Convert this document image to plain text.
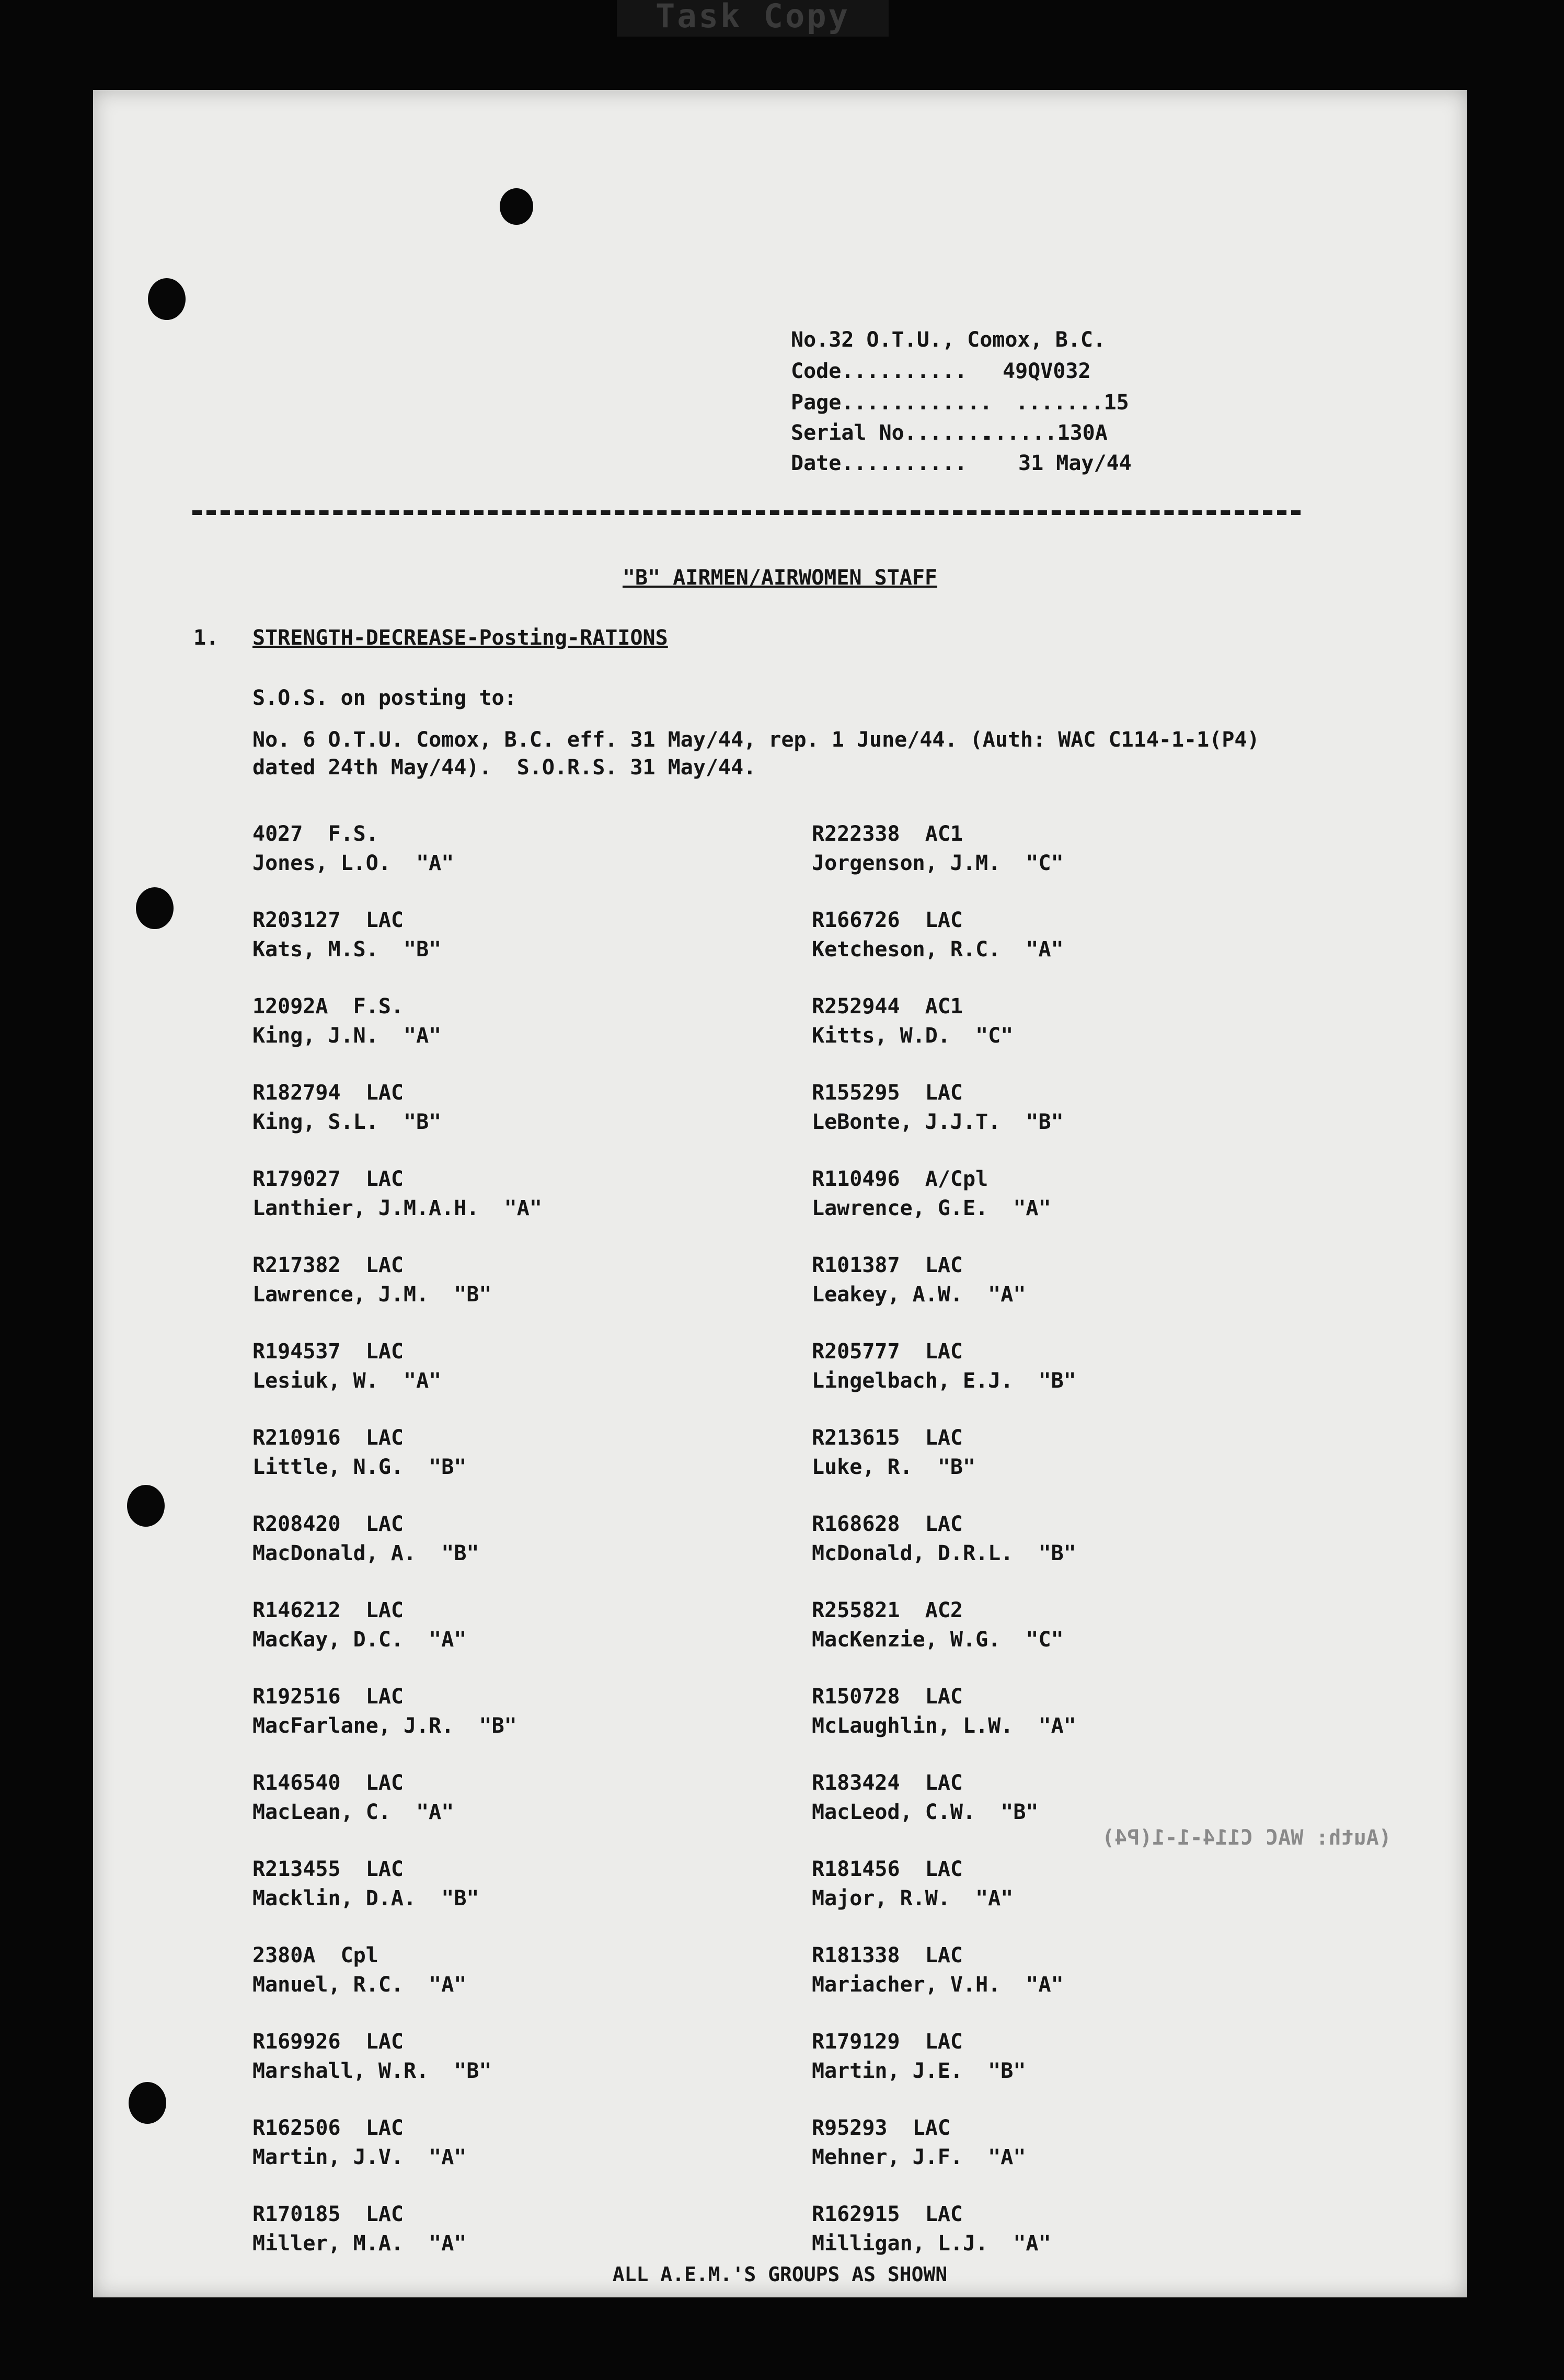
Task Copy
(Auth: WAC C114-1-1(P4)
No.32 O.T.U., Comox, B.C.
Code.......... 49QV032
Page............ .......15
Serial No.......
......130A
Date.......... 31 May/44
"B" AIRMEN/AIRWOMEN STAFF
1. STRENGTH-DECREASE-Posting-RATIONS
S.O.S. on posting to:
No. 6 O.T.U. Comox, B.C. eff. 31 May/44, rep. 1 June/44. (Auth: WAC C114-1-1(P4)
dated 24th May/44).  S.O.R.S. 31 May/44.
4027 F.S.
Jones, L.O. "A"
R203127 LAC
Kats, M.S. "B"
12092A F.S.
King, J.N. "A"
R182794 LAC
King, S.L. "B"
R179027 LAC
Lanthier, J.M.A.H. "A"
R217382 LAC
Lawrence, J.M. "B"
R194537 LAC
Lesiuk, W. "A"
R210916 LAC
Little, N.G. "B"
R208420 LAC
MacDonald, A. "B"
R146212 LAC
MacKay, D.C. "A"
R192516 LAC
MacFarlane, J.R. "B"
R146540 LAC
MacLean, C. "A"
R213455 LAC
Macklin, D.A. "B"
2380A Cpl
Manuel, R.C. "A"
R169926 LAC
Marshall, W.R. "B"
R162506 LAC
Martin, J.V. "A"
R170185 LAC
Miller, M.A. "A"
R222338 AC1
Jorgenson, J.M. "C"
R166726 LAC
Ketcheson, R.C. "A"
R252944 AC1
Kitts, W.D. "C"
R155295 LAC
LeBonte, J.J.T. "B"
R110496 A/Cpl
Lawrence, G.E. "A"
R101387 LAC
Leakey, A.W. "A"
R205777 LAC
Lingelbach, E.J. "B"
R213615 LAC
Luke, R. "B"
R168628 LAC
McDonald, D.R.L. "B"
R255821 AC2
MacKenzie, W.G. "C"
R150728 LAC
McLaughlin, L.W. "A"
R183424 LAC
MacLeod, C.W. "B"
R181456 LAC
Major, R.W. "A"
R181338 LAC
Mariacher, V.H. "A"
R179129 LAC
Martin, J.E. "B"
R95293 LAC
Mehner, J.F. "A"
R162915 LAC
Milligan, L.J. "A"
ALL A.E.M.'S GROUPS AS SHOWN
